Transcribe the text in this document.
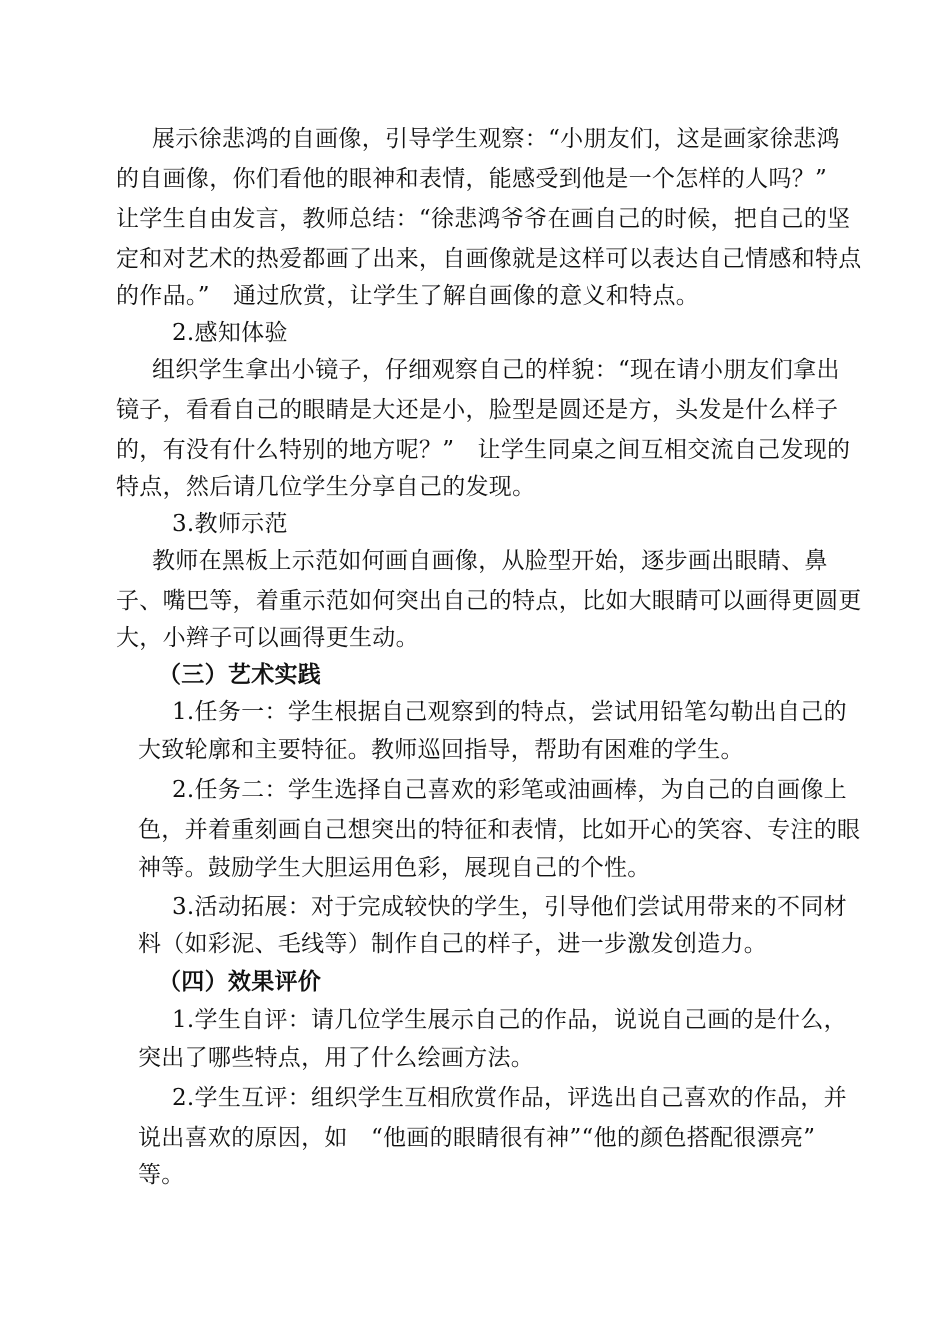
展示徐悲鸿的自画像，引导学生观察：“小朋友们，这是画家徐悲鸿
的自画像，你们看他的眼神和表情，能感受到他是一个怎样的人吗？”
让学生自由发言，教师总结：“徐悲鸿爷爷在画自己的时候，把自己的坚
定和对艺术的热爱都画了出来，自画像就是这样可以表达自己情感和特点
的作品。”　通过欣赏，让学生了解自画像的意义和特点。
2.感知体验
组织学生拿出小镜子，仔细观察自己的样貌：“现在请小朋友们拿出
镜子，看看自己的眼睛是大还是小，脸型是圆还是方，头发是什么样子
的，有没有什么特别的地方呢？”　让学生同桌之间互相交流自己发现的
特点，然后请几位学生分享自己的发现。
3.教师示范
教师在黑板上示范如何画自画像，从脸型开始，逐步画出眼睛、鼻
子、嘴巴等，着重示范如何突出自己的特点，比如大眼睛可以画得更圆更
大，小辫子可以画得更生动。
（三）艺术实践
1.任务一：学生根据自己观察到的特点，尝试用铅笔勾勒出自己的
大致轮廓和主要特征。教师巡回指导，帮助有困难的学生。
2.任务二：学生选择自己喜欢的彩笔或油画棒，为自己的自画像上
色，并着重刻画自己想突出的特征和表情，比如开心的笑容、专注的眼
神等。鼓励学生大胆运用色彩，展现自己的个性。
3.活动拓展：对于完成较快的学生，引导他们尝试用带来的不同材
料（如彩泥、毛线等）制作自己的样子，进一步激发创造力。
（四）效果评价
1.学生自评：请几位学生展示自己的作品，说说自己画的是什么，
突出了哪些特点，用了什么绘画方法。
2.学生互评：组织学生互相欣赏作品，评选出自己喜欢的作品，并
说出喜欢的原因，如　“他画的眼睛很有神”“他的颜色搭配很漂亮”
等。
